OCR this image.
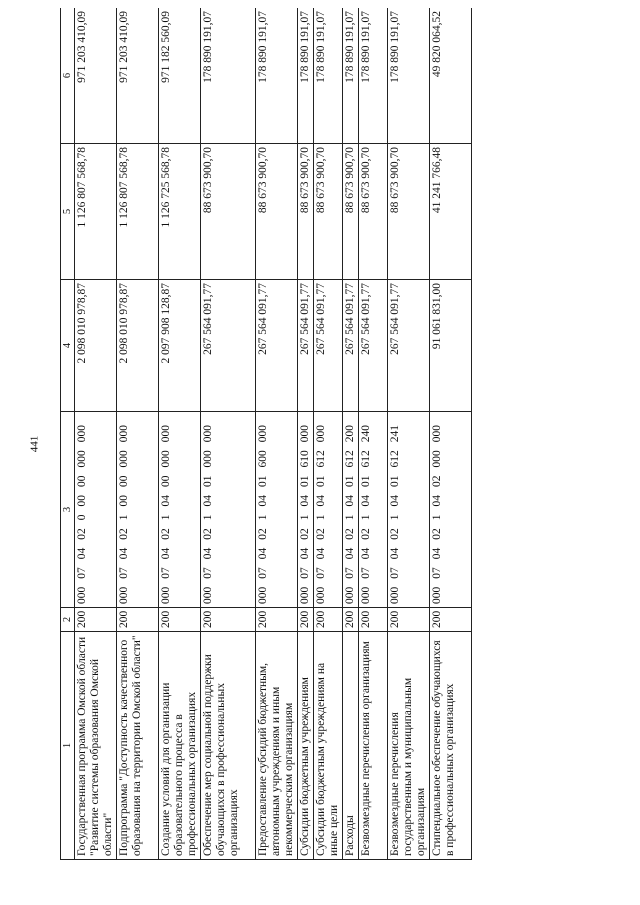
441
1	2	3	4	5	6
Государственная программа Омской области "Развитие системы образования Омской области"	200	00007040200000000000	2 098 010 978,87	1 126 807 568,78	971 203 410,09
Подпрограмма "Доступность качественного образования на территории Омской области"	200	00007040210000000000	2 098 010 978,87	1 126 807 568,78	971 203 410,09
Создание условий для организации образовательного процесса в профессиональных организациях	200	00007040210400000000	2 097 908 128,87	1 126 725 568,78	971 182 560,09
Обеспечение мер социальной поддержки обучающихся в профессиональных организациях	200	00007040210401000000	267 564 091,77	88 673 900,70	178 890 191,07
Предоставление субсидий бюджетным, автономным учреждениям и иным некоммерческим организациям	200	00007040210401600000	267 564 091,77	88 673 900,70	178 890 191,07
Субсидии бюджетным учреждениям	200	00007040210401610000	267 564 091,77	88 673 900,70	178 890 191,07
Субсидии бюджетным учреждениям на иные цели	200	00007040210401612000	267 564 091,77	88 673 900,70	178 890 191,07
Расходы	200	00007040210401612200	267 564 091,77	88 673 900,70	178 890 191,07
Безвозмездные перечисления организациям	200	00007040210401612240	267 564 091,77	88 673 900,70	178 890 191,07
Безвозмездные перечисления государственным и муниципальным организациям	200	00007040210401612241	267 564 091,77	88 673 900,70	178 890 191,07
Стипендиальное обеспечение обучающихся в профессиональных организациях	200	00007040210402000000	91 061 831,00	41 241 766,48	49 820 064,52
